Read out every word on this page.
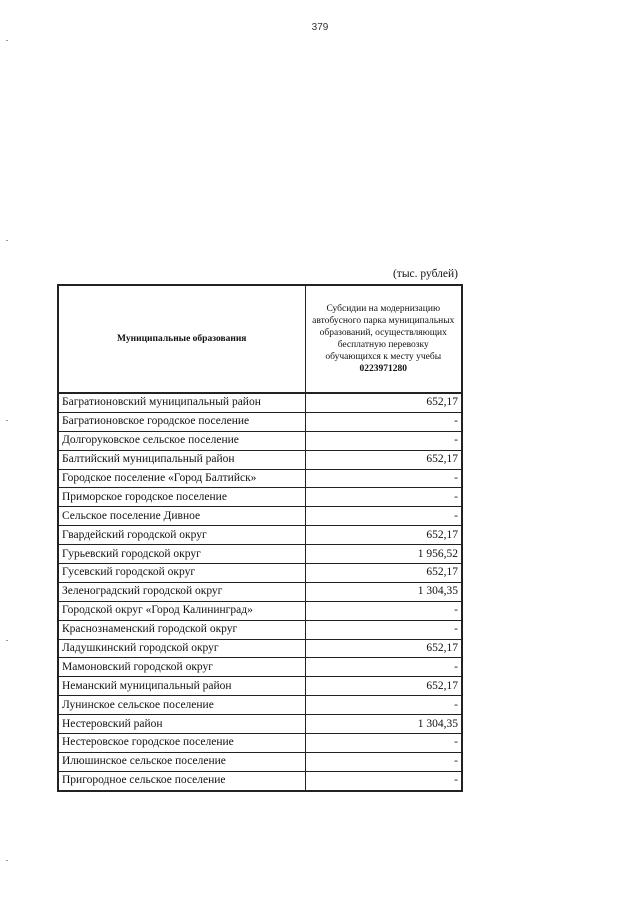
379
(тыс. рублей)
Муниципальные образования	Субсидии на модернизацию автобусного парка муниципальных образований, осуществляющих бесплатную перевозку обучающихся к месту учебы
0223971280

Багратионовский муниципальный район	652,17
Багратионовское городское поселение	-
Долгоруковское сельское поселение	-
Балтийский муниципальный район	652,17
Городское поселение «Город Балтийск»	-
Приморское городское поселение	-
Сельское поселение Дивное	-
Гвардейский городской округ	652,17
Гурьевский городской округ	1 956,52
Гусевский городской округ	652,17
Зеленоградский городской округ	1 304,35
Городской округ «Город Калининград»	-
Краснознаменский городской округ	-
Ладушкинский городской округ	652,17
Мамоновский городской округ	-
Неманский муниципальный район	652,17
Лунинское сельское поселение	-
Нестеровский район	1 304,35
Нестеровское городское поселение	-
Илюшинское сельское поселение	-
Пригородное сельское поселение	-
